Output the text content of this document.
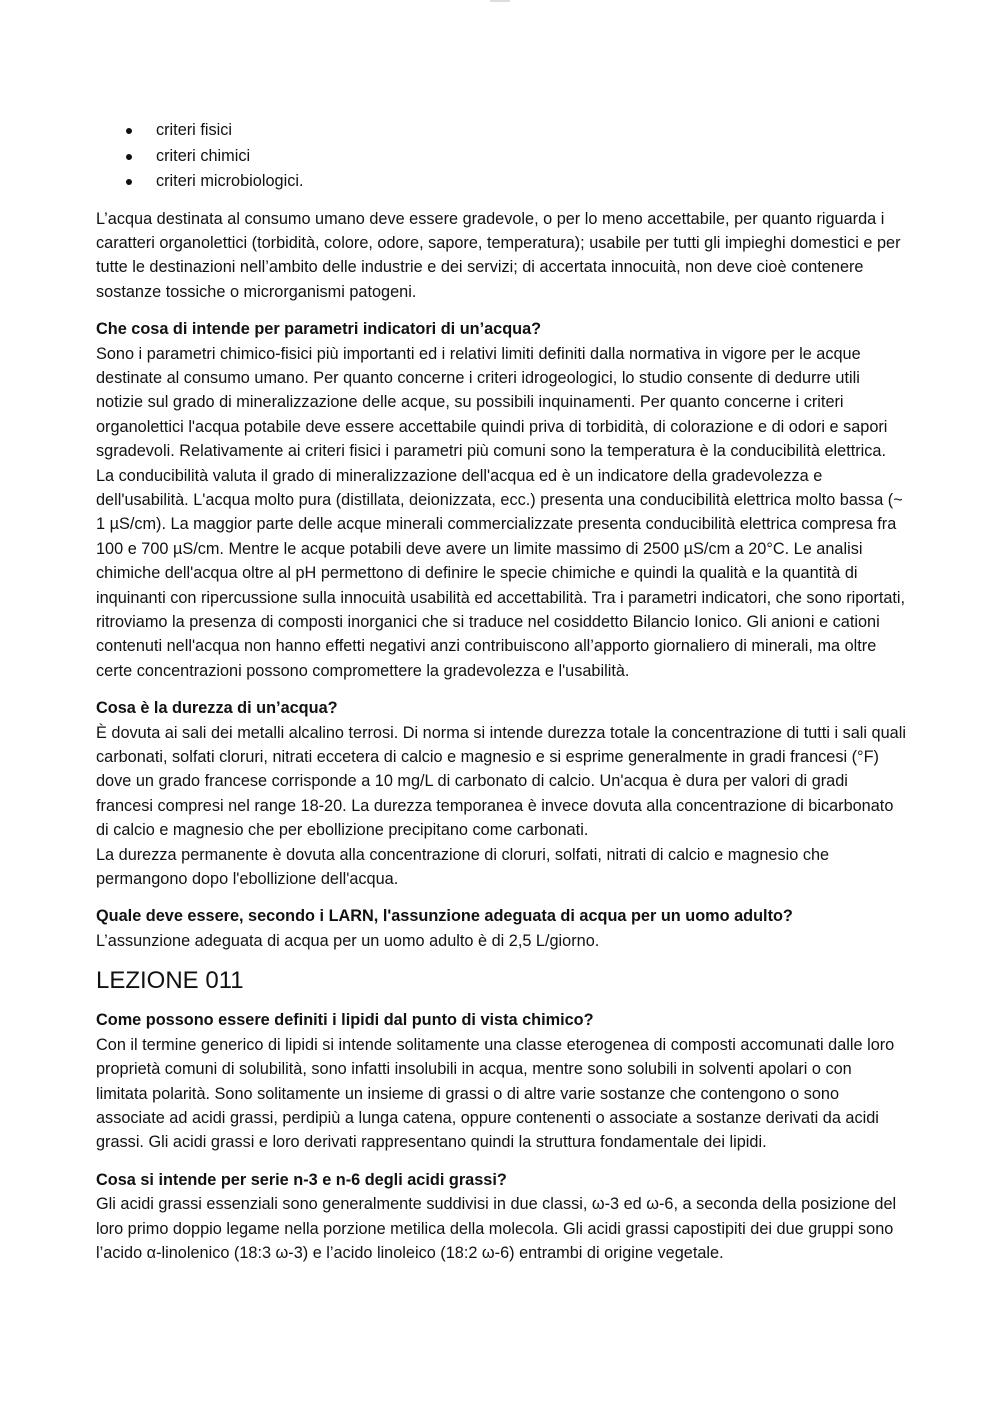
criteri fisici
criteri chimici
criteri microbiologici.

L’acqua destinata al consumo umano deve essere gradevole, o per lo meno accettabile, per quanto riguarda i caratteri organolettici (torbidità, colore, odore, sapore, temperatura); usabile per tutti gli impieghi domestici e per tutte le destinazioni nell’ambito delle industrie e dei servizi; di accertata innocuità, non deve cioè contenere sostanze tossiche o microrganismi patogeni.

Che cosa di intende per parametri indicatori di un’acqua?

Sono i parametri chimico-fisici più importanti ed i relativi limiti definiti dalla normativa in vigore per le acque destinate al consumo umano. Per quanto concerne i criteri idrogeologici, lo studio consente di dedurre utili notizie sul grado di mineralizzazione delle acque, su possibili inquinamenti. Per quanto concerne i criteri organolettici l'acqua potabile deve essere accettabile quindi priva di torbidità, di colorazione e di odori e sapori sgradevoli. Relativamente ai criteri fisici i parametri più comuni sono la temperatura è la conducibilità elettrica. La conducibilità valuta il grado di mineralizzazione dell'acqua ed è un indicatore della gradevolezza e dell'usabilità. L'acqua molto pura (distillata, deionizzata, ecc.) presenta una conducibilità elettrica molto bassa (~ 1 µS/cm). La maggior parte delle acque minerali commercializzate presenta conducibilità elettrica compresa fra 100 e 700 µS/cm. Mentre le acque potabili deve avere un limite massimo di 2500 µS/cm a 20°C. Le analisi chimiche dell'acqua oltre al pH permettono di definire le specie chimiche e quindi la qualità e la quantità di inquinanti con ripercussione sulla innocuità usabilità ed accettabilità. Tra i parametri indicatori, che sono riportati, ritroviamo la presenza di composti inorganici che si traduce nel cosiddetto Bilancio Ionico. Gli anioni e cationi contenuti nell'acqua non hanno effetti negativi anzi contribuiscono all’apporto giornaliero di minerali, ma oltre certe concentrazioni possono compromettere la gradevolezza e l'usabilità.

Cosa è la durezza di un’acqua?

È dovuta ai sali dei metalli alcalino terrosi. Di norma si intende durezza totale la concentrazione di tutti i sali quali carbonati, solfati cloruri, nitrati eccetera di calcio e magnesio e si esprime generalmente in gradi francesi (°F) dove un grado francese corrisponde a 10 mg/L di carbonato di calcio. Un'acqua è dura per valori di gradi francesi compresi nel range 18-20. La durezza temporanea è invece dovuta alla concentrazione di bicarbonato di calcio e magnesio che per ebollizione precipitano come carbonati.

La durezza permanente è dovuta alla concentrazione di cloruri, solfati, nitrati di calcio e magnesio che permangono dopo l'ebollizione dell'acqua.

Quale deve essere, secondo i LARN, l'assunzione adeguata di acqua per un uomo adulto?

L’assunzione adeguata di acqua per un uomo adulto è di 2,5 L/giorno.

LEZIONE 011

Come possono essere definiti i lipidi dal punto di vista chimico?

Con il termine generico di lipidi si intende solitamente una classe eterogenea di composti accomunati dalle loro proprietà comuni di solubilità, sono infatti insolubili in acqua, mentre sono solubili in solventi apolari o con limitata polarità. Sono solitamente un insieme di grassi o di altre varie sostanze che contengono o sono associate ad acidi grassi, perdipiù a lunga catena, oppure contenenti o associate a sostanze derivati da acidi grassi. Gli acidi grassi e loro derivati rappresentano quindi la struttura fondamentale dei lipidi.

Cosa si intende per serie n-3 e n-6 degli acidi grassi?

Gli acidi grassi essenziali sono generalmente suddivisi in due classi, ω-3 ed ω-6, a seconda della posizione del loro primo doppio legame nella porzione metilica della molecola. Gli acidi grassi capostipiti dei due gruppi sono l’acido α-linolenico (18:3 ω-3) e l’acido linoleico (18:2 ω-6) entrambi di origine vegetale.
